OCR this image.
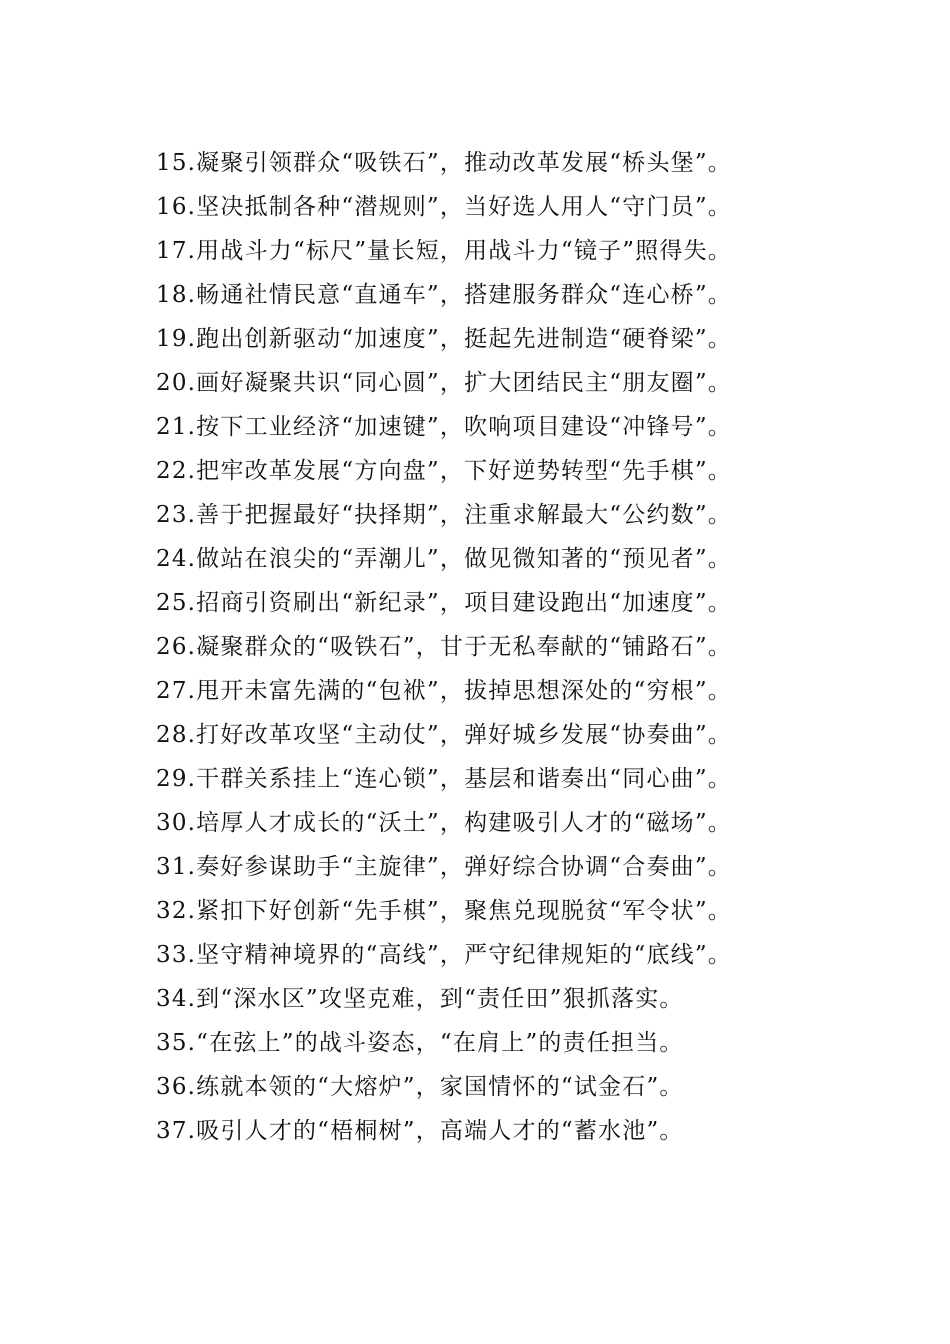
15.凝聚引领群众“吸铁石”，推动改革发展“桥头堡”。
16.坚决抵制各种“潜规则”，当好选人用人“守门员”。
17.用战斗力“标尺”量长短，用战斗力“镜子”照得失。
18.畅通社情民意“直通车”，搭建服务群众“连心桥”。
19.跑出创新驱动“加速度”，挺起先进制造“硬脊梁”。
20.画好凝聚共识“同心圆”，扩大团结民主“朋友圈”。
21.按下工业经济“加速键”，吹响项目建设“冲锋号”。
22.把牢改革发展“方向盘”，下好逆势转型“先手棋”。
23.善于把握最好“抉择期”，注重求解最大“公约数”。
24.做站在浪尖的“弄潮儿”，做见微知著的“预见者”。
25.招商引资刷出“新纪录”，项目建设跑出“加速度”。
26.凝聚群众的“吸铁石”，甘于无私奉献的“铺路石”。
27.甩开未富先满的“包袱”，拔掉思想深处的“穷根”。
28.打好改革攻坚“主动仗”，弹好城乡发展“协奏曲”。
29.干群关系挂上“连心锁”，基层和谐奏出“同心曲”。
30.培厚人才成长的“沃土”，构建吸引人才的“磁场”。
31.奏好参谋助手“主旋律”，弹好综合协调“合奏曲”。
32.紧扣下好创新“先手棋”，聚焦兑现脱贫“军令状”。
33.坚守精神境界的“高线”，严守纪律规矩的“底线”。
34.到“深水区”攻坚克难，到“责任田”狠抓落实。
35.“在弦上”的战斗姿态，“在肩上”的责任担当。
36.练就本领的“大熔炉”，家国情怀的“试金石”。
37.吸引人才的“梧桐树”，高端人才的“蓄水池”。
